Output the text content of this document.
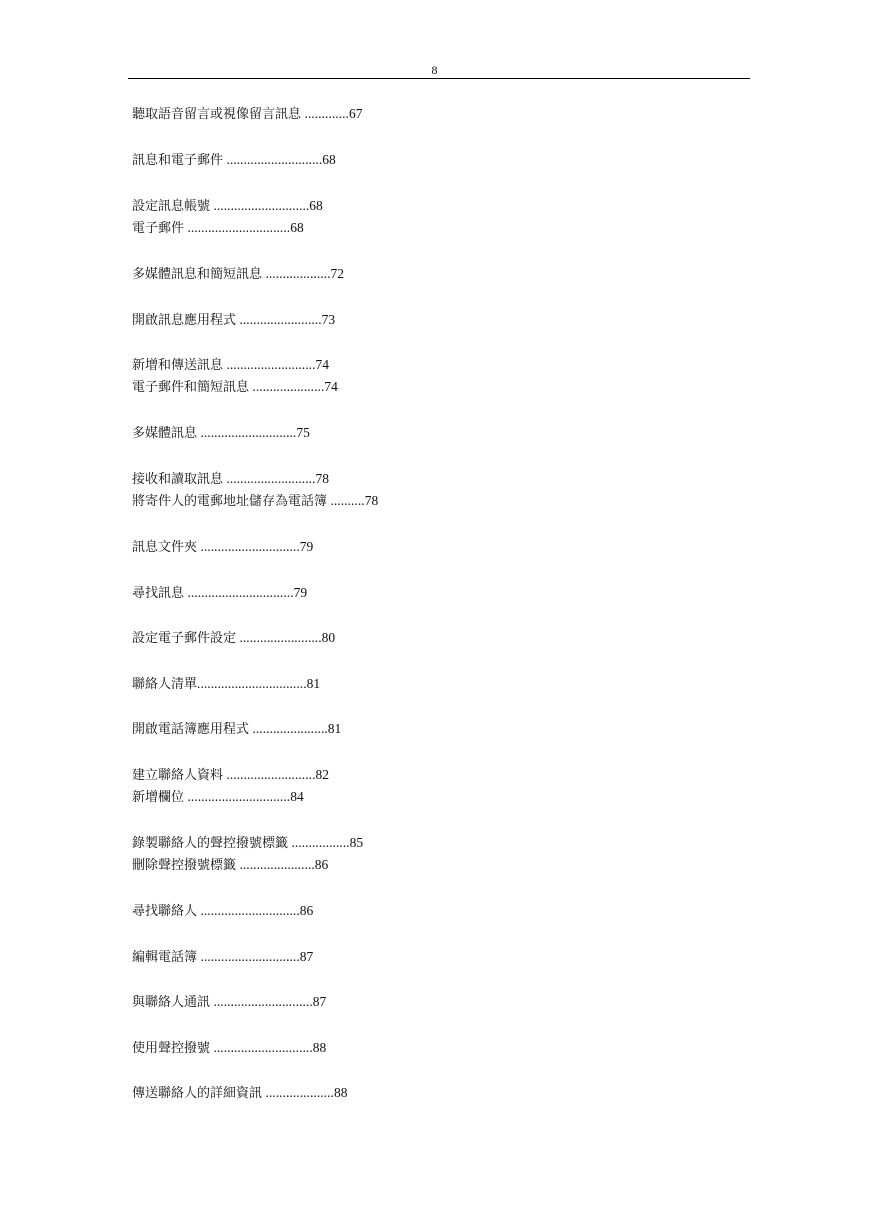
8
聽取語音留言或視像留言訊息 .............67
訊息和電子郵件 ............................68
設定訊息帳號 ............................68
電子郵件 ..............................68
多媒體訊息和簡短訊息 ...................72
開啟訊息應用程式 ........................73
新增和傳送訊息 ..........................74
電子郵件和簡短訊息 .....................74
多媒體訊息 ............................75
接收和讀取訊息 ..........................78
將寄件人的電郵地址儲存為電話簿 ..........78
訊息文件夾 .............................79
尋找訊息 ...............................79
設定電子郵件設定 ........................80
聯絡人清單................................81
開啟電話簿應用程式 ......................81
建立聯絡人資料 ..........................82
新增欄位 ..............................84
錄製聯絡人的聲控撥號標籤 .................85
刪除聲控撥號標籤 ......................86
尋找聯絡人 .............................86
編輯電話簿 .............................87
與聯絡人通訊 .............................87
使用聲控撥號 .............................88
傳送聯絡人的詳細資訊 ....................88
